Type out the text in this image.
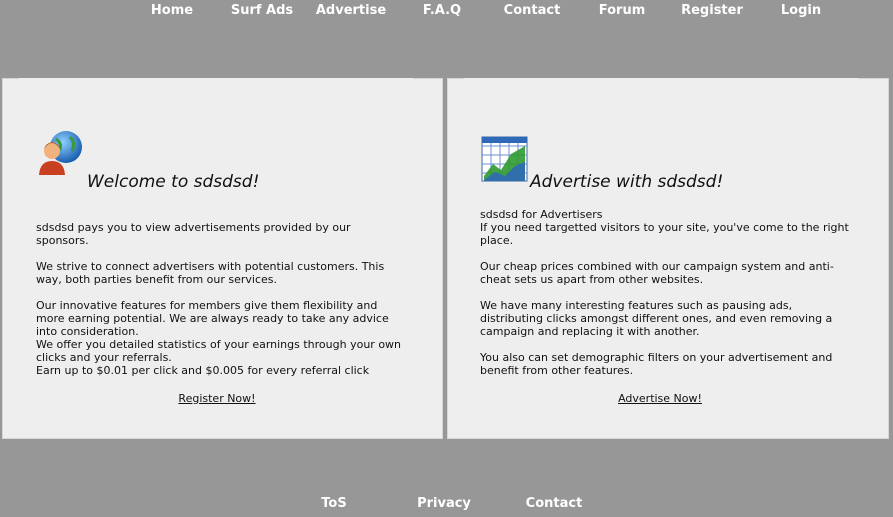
Home	Surf Ads Advertise	F.A.Q	Contact	Forum	Register	Login
Welcome to sdsdsd!

sdsdsd pays you to view advertisements provided by our sponsors.

We strive to connect advertisers with potential customers. This way, both parties benefit from our services.

Our innovative features for members give them flexibility and more earning potential. We are always ready to take any advice into consideration.

We offer you detailed statistics of your earnings through your own clicks and your referrals.

Earn up to $0.01 per click and $0.005 for every referral click

Register Now!
Advertise with sdsdsd!

sdsdsd for Advertisers

If you need targetted visitors to your site, you've come to the right place.

Our cheap prices combined with our campaign system and anti-cheat sets us apart from other websites.

We have many interesting features such as pausing ads, distributing clicks amongst different ones, and even removing a campaign and replacing it with another.

You also can set demographic filters on your advertisement and benefit from other features.

Advertise Now!
ToS	Privacy	Contact
